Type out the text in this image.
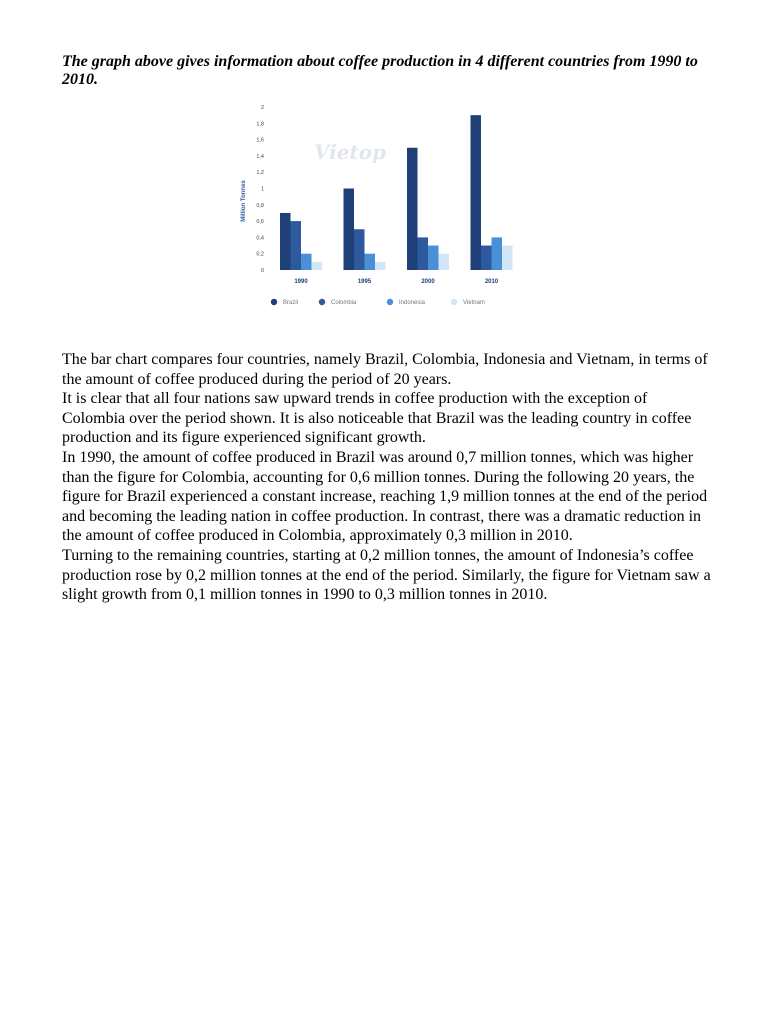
The graph above gives information about coffee production in 4 different countries from 1990 to 2010.
Vietop
Million Tonnes
0
0,2
0,4
0,6
0,8
1
1,2
1,4
1,6
1,8
2
1990	1995	2000	2010
Brazil	Colombia	Indonesia	Vietnam

The bar chart compares four countries, namely Brazil, Colombia, Indonesia and Vietnam, in terms of the amount of coffee produced during the period of 20 years.

It is clear that all four nations saw upward trends in coffee production with the exception of Colombia over the period shown. It is also noticeable that Brazil was the leading country in coffee production and its figure experienced significant growth.

In 1990, the amount of coffee produced in Brazil was around 0,7 million tonnes, which was higher than the figure for Colombia, accounting for 0,6 million tonnes. During the following 20 years, the figure for Brazil experienced a constant increase, reaching 1,9 million tonnes at the end of the period and becoming the leading nation in coffee production. In contrast, there was a dramatic reduction in the amount of coffee produced in Colombia, approximately 0,3 million in 2010.

Turning to the remaining countries, starting at 0,2 million tonnes, the amount of Indonesia’s coffee production rose by 0,2 million tonnes at the end of the period. Similarly, the figure for Vietnam saw a slight growth from 0,1 million tonnes in 1990 to 0,3 million tonnes in 2010.
